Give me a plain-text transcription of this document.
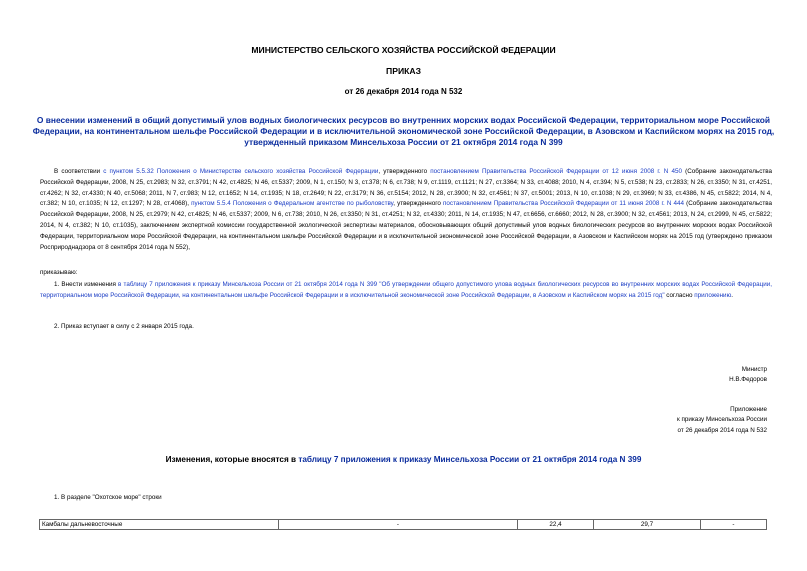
МИНИСТЕРСТВО СЕЛЬСКОГО ХОЗЯЙСТВА РОССИЙСКОЙ ФЕДЕРАЦИИ
ПРИКАЗ
от 26 декабря 2014 года N 532
О внесении изменений в общий допустимый улов водных биологических ресурсов во внутренних морских водах Российской Федерации, территориальном море Российской Федерации, на континентальном шельфе Российской Федерации и в исключительной экономической зоне Российской Федерации, в Азовском и Каспийском морях на 2015 год, утвержденный приказом Минсельхоза России от 21 октября 2014 года N 399
В соответствии с пунктом 5.5.32 Положения о Министерстве сельского хозяйства Российской Федерации, утвержденного постановлением Правительства Российской Федерации от 12 июня 2008 г. N 450 (Собрание законодательства Российской Федерации, 2008, N 25, ст.2983; N 32, ст.3791; N 42, ст.4825; N 46, ст.5337; 2009, N 1, ст.150; N 3, ст.378; N 6, ст.738; N 9, ст.1119, ст.1121; N 27, ст.3364; N 33, ст.4088; 2010, N 4, ст.394; N 5, ст.538; N 23, ст.2833; N 26, ст.3350; N 31, ст.4251, ст.4262; N 32, ст.4330; N 40, ст.5068; 2011, N 7, ст.983; N 12, ст.1652; N 14, ст.1935; N 18, ст.2649; N 22, ст.3179; N 36, ст.5154; 2012, N 28, ст.3900; N 32, ст.4561; N 37, ст.5001; 2013, N 10, ст.1038; N 29, ст.3969; N 33, ст.4386, N 45, ст.5822; 2014, N 4, ст.382; N 10, ст.1035; N 12, ст.1297; N 28, ст.4068), пунктом 5.5.4 Положения о Федеральном агентстве по рыболовству, утвержденного постановлением Правительства Российской Федерации от 11 июня 2008 г. N 444 (Собрание законодательства Российской Федерации, 2008, N 25, ст.2979; N 42, ст.4825; N 46, ст.5337; 2009, N 6, ст.738; 2010, N 26, ст.3350; N 31, ст.4251; N 32, ст.4330; 2011, N 14, ст.1935; N 47, ст.6656, ст.6660; 2012, N 28, ст.3900; N 32, ст.4561; 2013, N 24, ст.2999, N 45, ст.5822; 2014, N 4, ст.382; N 10, ст.1035), заключением экспертной комиссии государственной экологической экспертизы материалов, обосновывающих общий допустимый улов водных биологических ресурсов во внутренних морских водах Российской Федерации, территориальном море Российской Федерации, на континентальном шельфе Российской Федерации и в исключительной экономической зоне Российской Федерации, в Азовском и Каспийском морях на 2015 год (утверждено приказом Росприроднадзора от 8 сентября 2014 года N 552),
приказываю:
1. Внести изменения в таблицу 7 приложения к приказу Минсельхоза России от 21 октября 2014 года N 399 "Об утверждении общего допустимого улова водных биологических ресурсов во внутренних морских водах Российской Федерации, территориальном море Российской Федерации, на континентальном шельфе Российской Федерации и в исключительной экономической зоне Российской Федерации, в Азовском и Каспийском морях на 2015 год" согласно приложению.
2. Приказ вступает в силу с 2 января 2015 года.
Министр
Н.В.Федоров
Приложение
к приказу Минсельхоза России
от 26 декабря 2014 года N 532
Изменения, которые вносятся в таблицу 7 приложения к приказу Минсельхоза России от 21 октября 2014 года N 399
1. В разделе "Охотское море" строки
Камбалы дальневосточные	-	22,4	29,7	-
